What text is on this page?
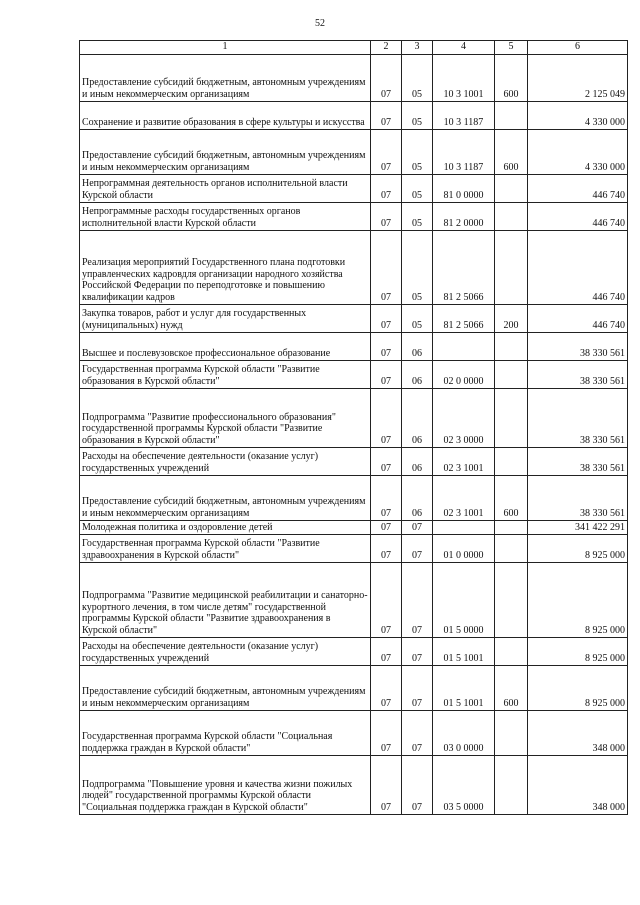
52
1	2	3	4	5	6
Предоставление субсидий бюджетным, автономным учреждениям и иным некоммерческим организациям	07	05	10 3 1001	600	2 125 049
Сохранение и развитие образования в сфере культуры и искусства	07	05	10 3 1187		4 330 000
Предоставление субсидий бюджетным, автономным учреждениям и иным некоммерческим организациям	07	05	10 3 1187	600	4 330 000
Непрограммная деятельность органов исполнительной власти Курской области	07	05	81 0 0000		446 740
Непрограммные расходы государственных органов исполнительной власти Курской области	07	05	81 2 0000		446 740
Реализация мероприятий Государственного плана подготовки управленческих кадровдля организации народного хозяйства Российской Федерации по переподготовке и повышению квалификации кадров	07	05	81 2 5066		446 740
Закупка товаров, работ и услуг для государственных (муниципальных) нужд	07	05	81 2 5066	200	446 740
Высшее и послевузовское профессиональное образование	07	06			38 330 561
Государственная программа Курской области "Развитие образования в Курской области"	07	06	02 0 0000		38 330 561
Подпрограмма "Развитие профессионального образования" государственной программы Курской области "Развитие образования в Курской области"	07	06	02 3 0000		38 330 561
Расходы на обеспечение деятельности (оказание услуг) государственных учреждений	07	06	02 3 1001		38 330 561
Предоставление субсидий бюджетным, автономным учреждениям и иным некоммерческим организациям	07	06	02 3 1001	600	38 330 561
Молодежная политика и оздоровление детей	07	07			341 422 291
Государственная программа Курской области "Развитие здравоохранения в Курской области"	07	07	01 0 0000		8 925 000
Подпрограмма "Развитие медицинской реабилитации и санаторно-курортного лечения, в том числе детям" государственной программы Курской области "Развитие здравоохранения в Курской области"	07	07	01 5 0000		8 925 000
Расходы на обеспечение деятельности (оказание услуг) государственных учреждений	07	07	01 5 1001		8 925 000
Предоставление субсидий бюджетным, автономным учреждениям и иным некоммерческим организациям	07	07	01 5 1001	600	8 925 000
Государственная программа Курской области "Социальная поддержка граждан в Курской области"	07	07	03 0 0000		348 000
Подпрограмма "Повышение уровня и качества жизни пожилых людей" государственной программы Курской области "Социальная поддержка граждан в Курской области"	07	07	03 5 0000		348 000
